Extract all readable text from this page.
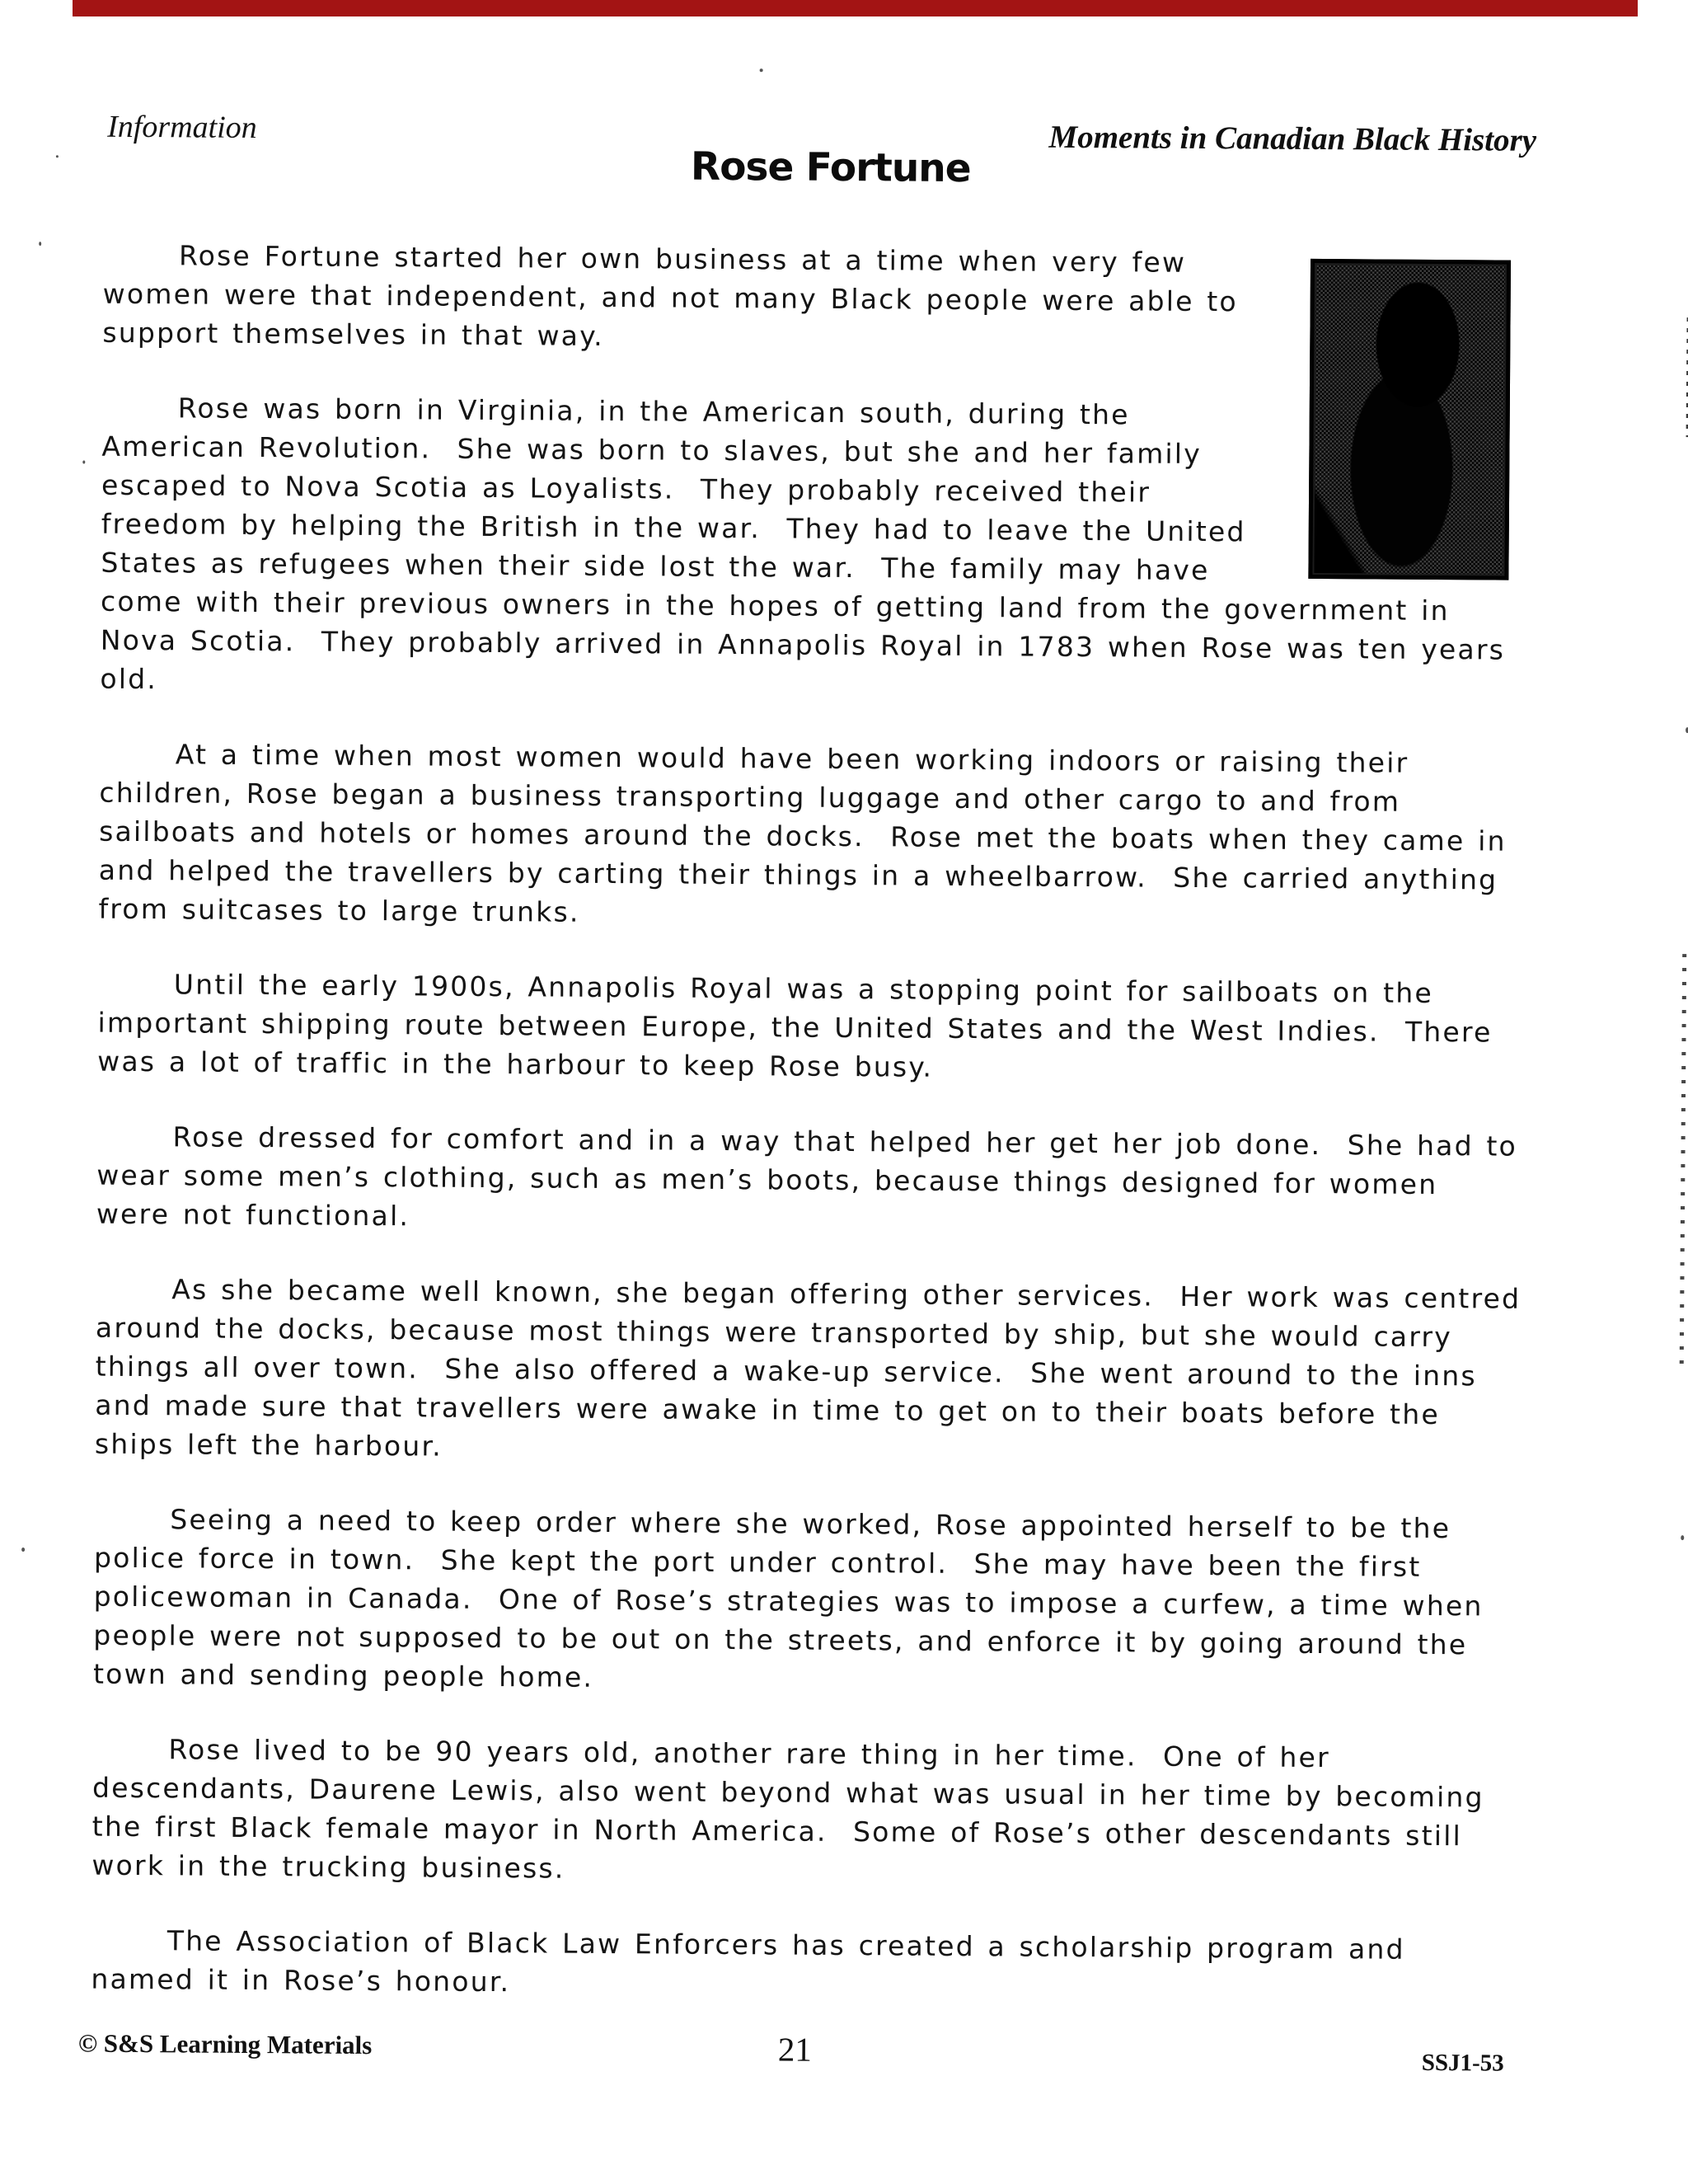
Information	Moments in Canadian Black History
Rose Fortune

Rose Fortune started her own business at a time when very few women were that independent, and not many Black people were able to support themselves in that way.

Rose was born in Virginia, in the American south, during the American Revolution.  She was born to slaves, but she and her family escaped to Nova Scotia as Loyalists.  They probably received their freedom by helping the British in the war.  They had to leave the United States as refugees when their side lost the war.  The family may have come with their previous owners in the hopes of getting land from the government in Nova Scotia.  They probably arrived in Annapolis Royal in 1783 when Rose was ten years old.

At a time when most women would have been working indoors or raising their children, Rose began a business transporting luggage and other cargo to and from sailboats and hotels or homes around the docks.  Rose met the boats when they came in and helped the travellers by carting their things in a wheelbarrow.  She carried anything from suitcases to large trunks.

Until the early 1900s, Annapolis Royal was a stopping point for sailboats on the important shipping route between Europe, the United States and the West Indies.  There was a lot of traffic in the harbour to keep Rose busy.

Rose dressed for comfort and in a way that helped her get her job done.  She had to wear some men’s clothing, such as men’s boots, because things designed for women were not functional.

As she became well known, she began offering other services.  Her work was centred around the docks, because most things were transported by ship, but she would carry things all over town.  She also offered a wake-up service.  She went around to the inns and made sure that travellers were awake in time to get on to their boats before the ships left the harbour.

Seeing a need to keep order where she worked, Rose appointed herself to be the police force in town.  She kept the port under control.  She may have been the first policewoman in Canada.  One of Rose’s strategies was to impose a curfew, a time when people were not supposed to be out on the streets, and enforce it by going around the town and sending people home.

Rose lived to be 90 years old, another rare thing in her time.  One of her descendants, Daurene Lewis, also went beyond what was usual in her time by becoming the first Black female mayor in North America.  Some of Rose’s other descendants still work in the trucking business.

The Association of Black Law Enforcers has created a scholarship program and named it in Rose’s honour.

© S&S Learning Materials	21	SSJ1-53
